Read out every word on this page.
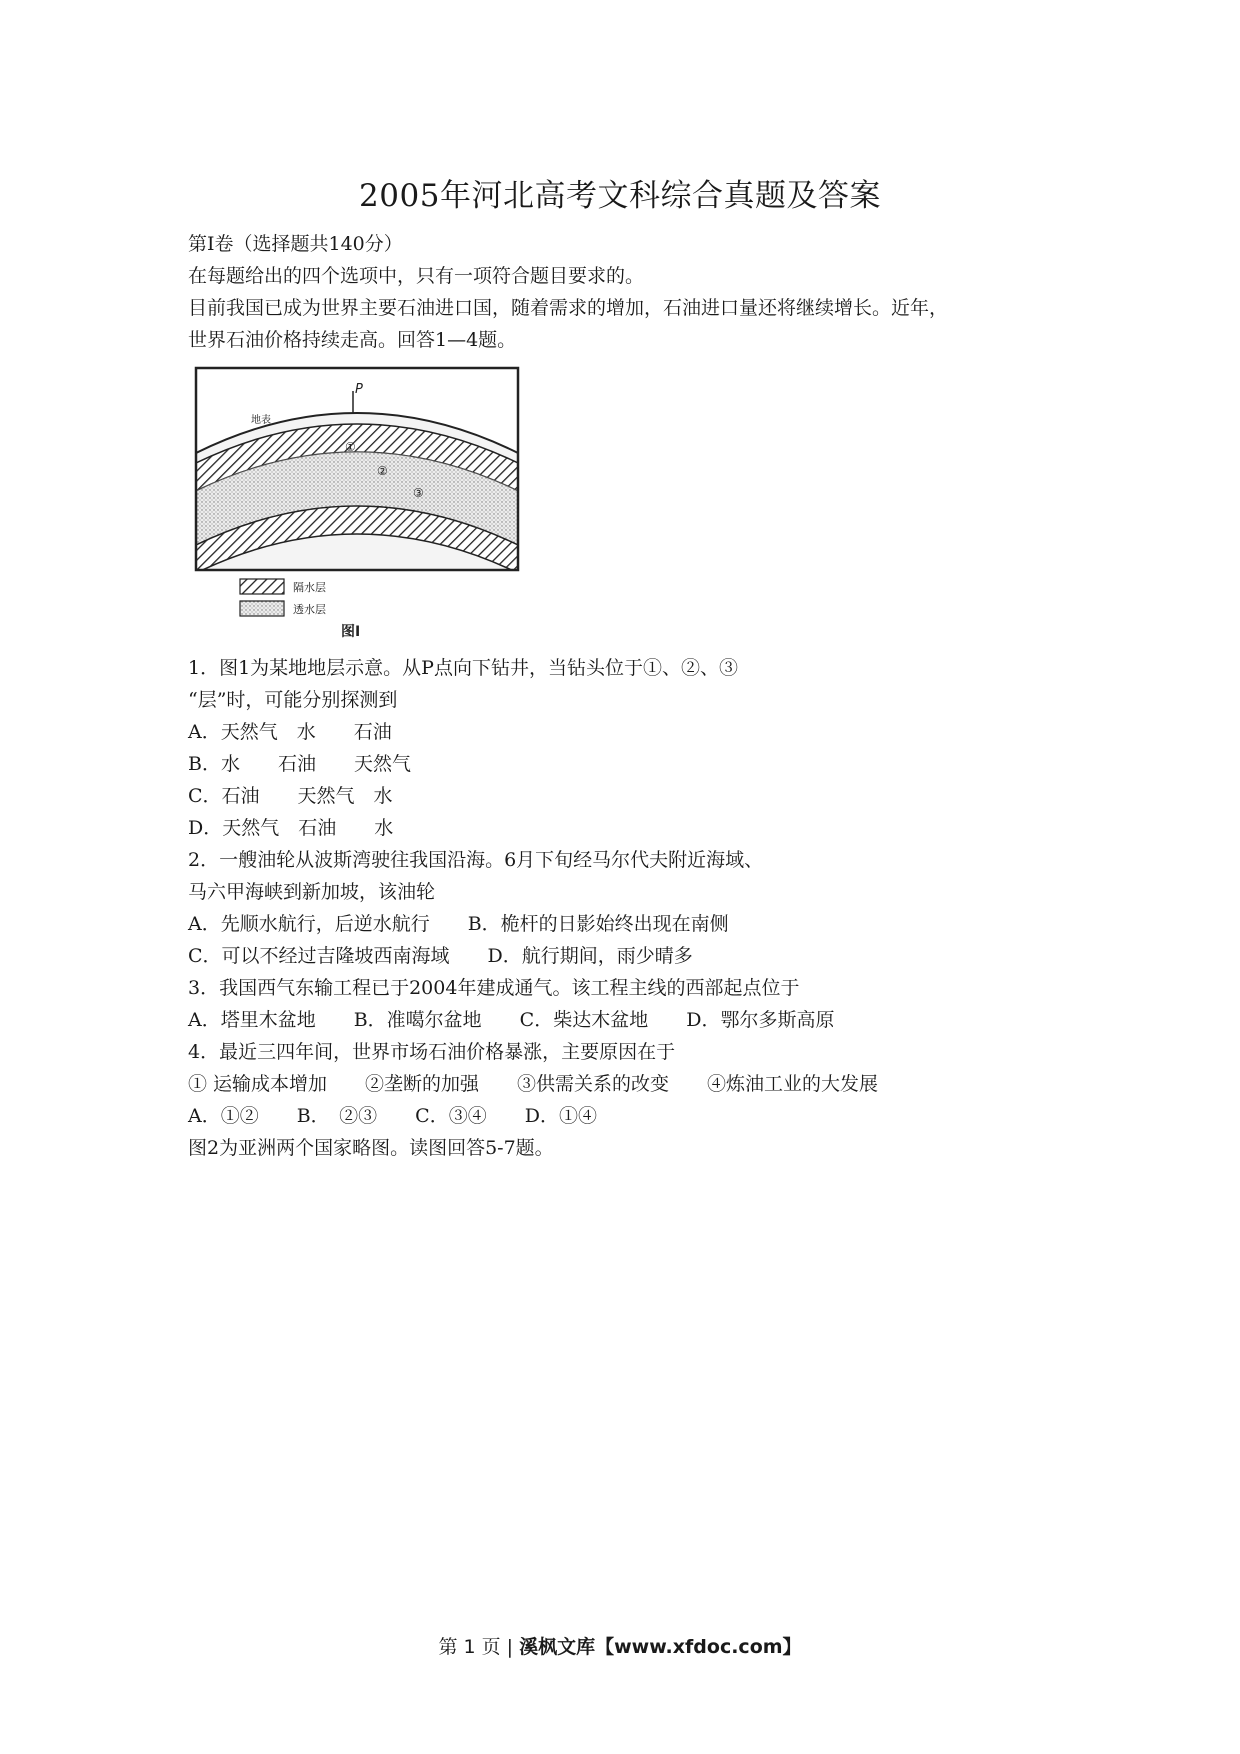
2005年河北高考文科综合真题及答案
第Ⅰ卷（选择题共140分）
在每题给出的四个选项中，只有一项符合题目要求的。
目前我国已成为世界主要石油进口国，随着需求的增加，石油进口量还将继续增长。近年，
世界石油价格持续走高。回答1—4题。
P
地表
①
②
③
隔水层
透水层
图Ⅰ
1．图1为某地地层示意。从P点向下钻井，当钻头位于①、②、③
“层”时，可能分别探测到
A．天然气　水　　石油
B．水　　石油　　天然气
C．石油　　天然气　水
D．天然气　石油　　水
2．一艘油轮从波斯湾驶往我国沿海。6月下旬经马尔代夫附近海域、
马六甲海峡到新加坡，该油轮
A．先顺水航行，后逆水航行　　B．桅杆的日影始终出现在南侧
C．可以不经过吉隆坡西南海域　　D．航行期间，雨少晴多
3．我国西气东输工程已于2004年建成通气。该工程主线的西部起点位于
A．塔里木盆地　　B．准噶尔盆地　　C．柴达木盆地　　D．鄂尔多斯高原
4．最近三四年间，世界市场石油价格暴涨，主要原因在于
① 运输成本增加　　②垄断的加强　　③供需关系的改变　　④炼油工业的大发展
A．①②　　B．　②③　　C．③④　　D．①④
图2为亚洲两个国家略图。读图回答5-7题。
第 1 页 | 溪枫文库【www.xfdoc.com】
